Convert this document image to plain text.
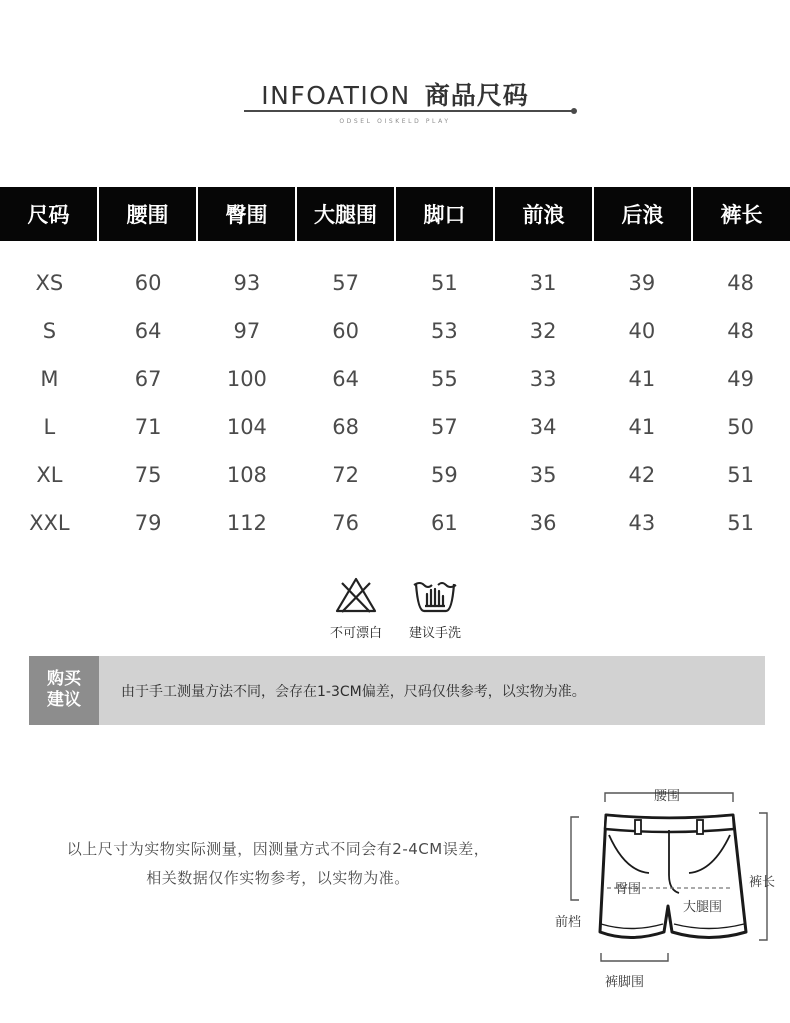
INFOATION 商品尺码
ODSEL OISKELD PLAY
尺码	腰围	臀围	大腿围	脚口	前浪	后浪	裤长
XS	60	93	57	51	31	39	48
S	64	97	60	53	32	40	48
M	67	100	64	55	33	41	49
L	71	104	68	57	34	41	50
XL	75	108	72	59	35	42	51
XXL	79	112	76	61	36	43	51
不可漂白	建议手洗
购买
建议	由于手工测量方法不同，会存在1-3CM偏差，尺码仅供参考，以实物为准。
以上尺寸为实物实际测量，因测量方式不同会有2-4CM误差，
相关数据仅作实物参考，以实物为准。
腰围
裤长
臀围
大腿围
前档
裤脚围
